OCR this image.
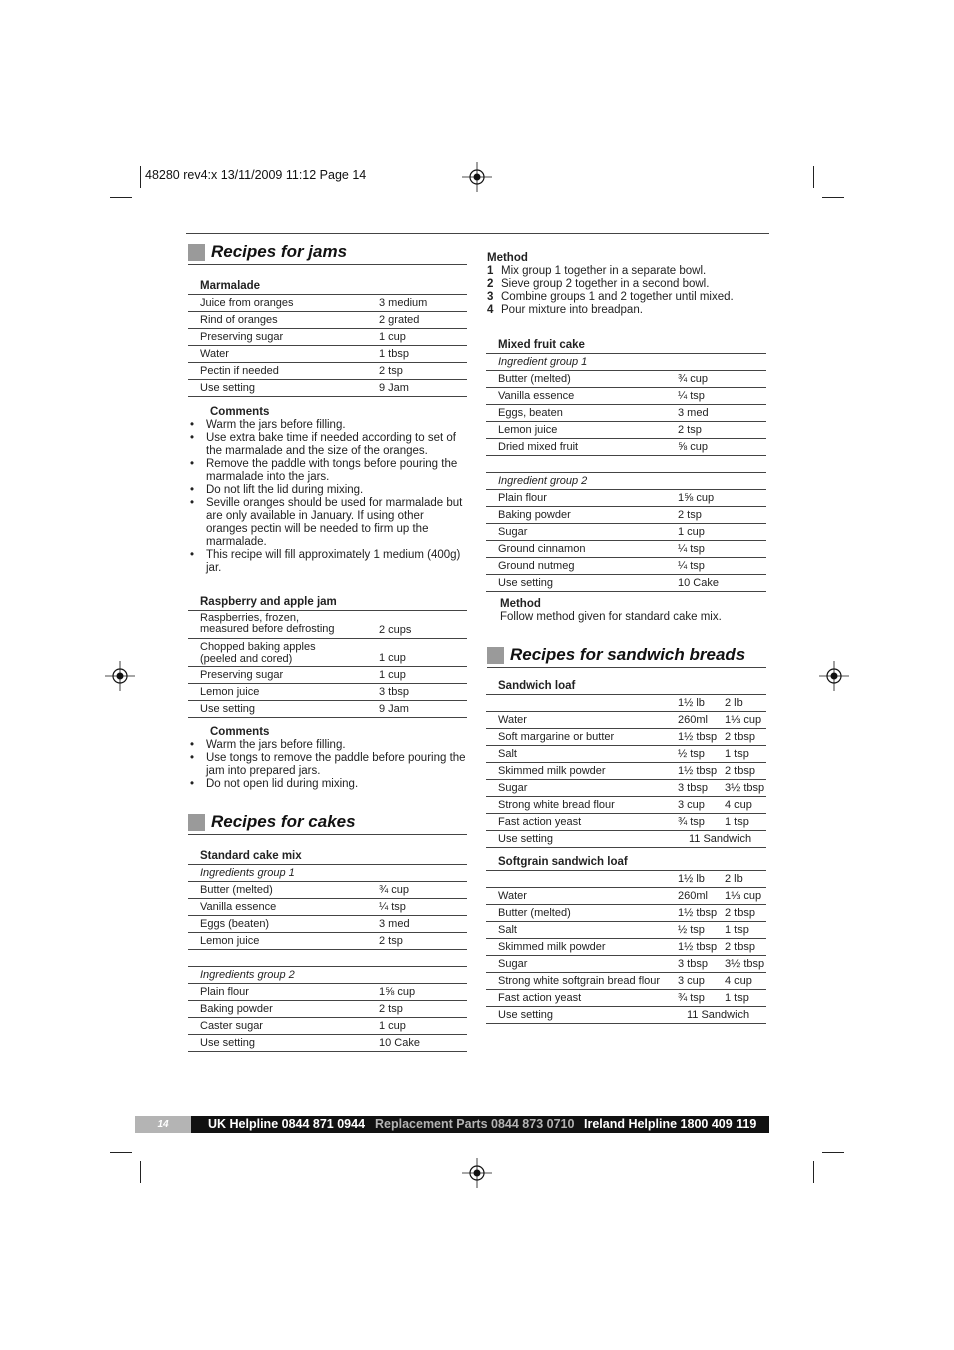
48280 rev4:x 13/11/2009 11:12 Page 14
Recipes for jams
Marmalade
Juice from oranges	3 medium
Rind of oranges	2 grated
Preserving sugar	1 cup
Water	1 tbsp
Pectin if needed	2 tsp
Use setting	9 Jam
Comments
• Warm the jars before filling.
• Use extra bake time if needed according to set of the marmalade and the size of the oranges.
• Remove the paddle with tongs before pouring the marmalade into the jars.
• Do not lift the lid during mixing.
• Seville oranges should be used for marmalade but are only available in January. If using other oranges pectin will be needed to firm up the marmalade.
• This recipe will fill approximately 1 medium (400g) jar.
Raspberry and apple jam
Raspberries, frozen,
measured before defrosting	2 cups
Chopped baking apples
(peeled and cored)	1 cup
Preserving sugar	1 cup
Lemon juice	3 tbsp
Use setting	9 Jam
Comments
• Warm the jars before filling.
• Use tongs to remove the paddle before pouring the jam into prepared jars.
• Do not open lid during mixing.
Recipes for cakes
Standard cake mix
Ingredients group 1
Butter (melted)	¾ cup
Vanilla essence	¼ tsp
Eggs (beaten)	3 med
Lemon juice	2 tsp
Ingredients group 2
Plain flour	1⅝ cup
Baking powder	2 tsp
Caster sugar	1 cup
Use setting	10 Cake
Method
1 Mix group 1 together in a separate bowl.
2 Sieve group 2 together in a second bowl.
3 Combine groups 1 and 2 together until mixed.
4 Pour mixture into breadpan.
Mixed fruit cake
Ingredient group 1
Butter (melted)	¾ cup
Vanilla essence	¼ tsp
Eggs, beaten	3 med
Lemon juice	2 tsp
Dried mixed fruit	⅝ cup
Ingredient group 2
Plain flour	1⅝ cup
Baking powder	2 tsp
Sugar	1 cup
Ground cinnamon	¼ tsp
Ground nutmeg	¼ tsp
Use setting	10 Cake
Method
Follow method given for standard cake mix.
Recipes for sandwich breads
Sandwich loaf
1½ lb 2 lb
Water	260ml 1⅓ cup
Soft margarine or butter	1½ tbsp 2 tbsp
Salt	½ tsp 1 tsp
Skimmed milk powder	1½ tbsp 2 tbsp
Sugar	3 tbsp 3½ tbsp
Strong white bread flour	3 cup 4 cup
Fast action yeast	¾ tsp 1 tsp
Use setting	11 Sandwich
Softgrain sandwich loaf
1½ lb 2 lb
Water	260ml 1⅓ cup
Butter (melted)	1½ tbsp 2 tbsp
Salt	½ tsp 1 tsp
Skimmed milk powder	1½ tbsp 2 tbsp
Sugar	3 tbsp 3½ tbsp
Strong white softgrain bread flour 3 cup 4 cup
Fast action yeast	¾ tsp 1 tsp
Use setting	11 Sandwich
14	UK Helpline 0844 871 0944 Replacement Parts 0844 873 0710 Ireland Helpline 1800 409 119
